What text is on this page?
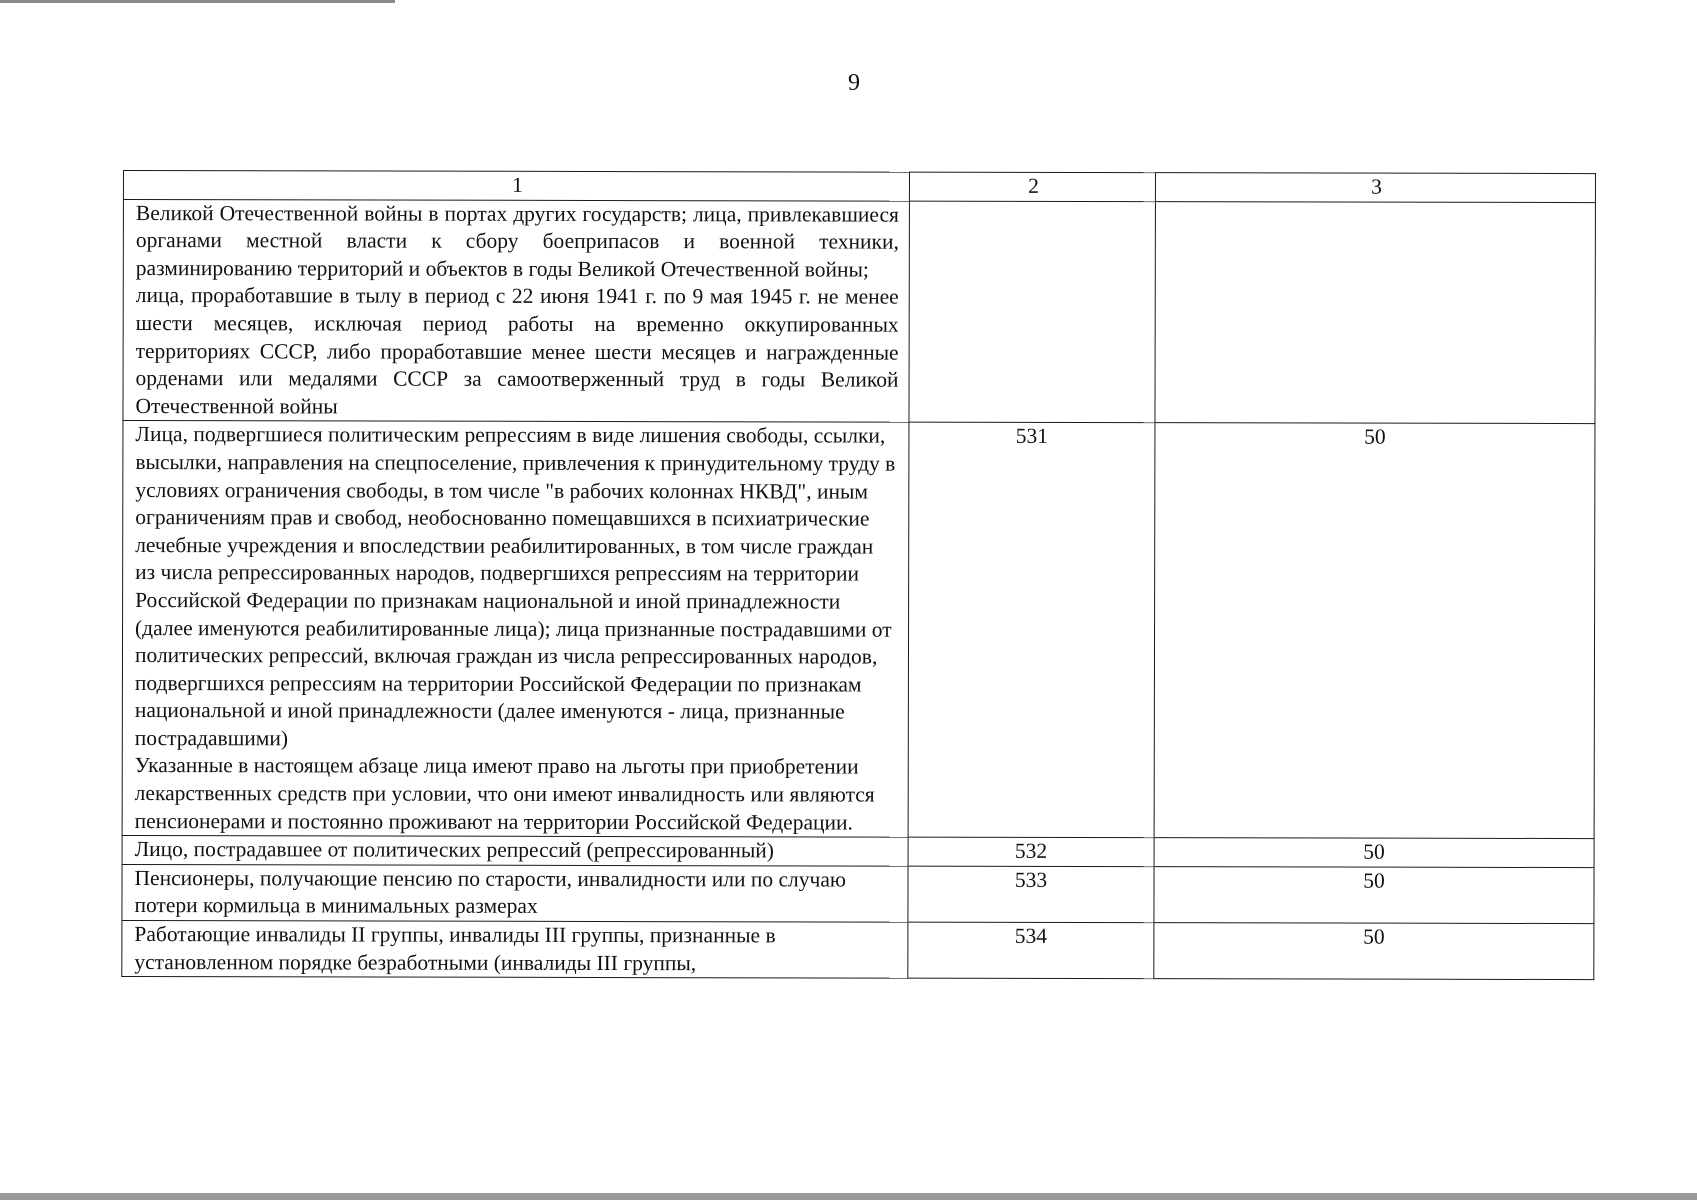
9
1	2	3

Великой Отечественной войны в портах других государств; лица, привлекавшиеся органами местной власти к сбору боеприпасов и военной техники, разминированию территорий и объектов в годы Великой Отечественной войны;
лица, проработавшие в тылу в период с 22 июня 1941 г. по 9 мая 1945 г. не менее шести месяцев, исключая период работы на временно оккупированных территориях СССР, либо проработавшие менее шести месяцев и награжденные орденами или медалями СССР за самоотверженный труд в годы Великой Отечественной войны		

Лица, подвергшиеся политическим репрессиям в виде лишения свободы, ссылки, высылки, направления на спецпоселение, привлечения к принудительному труду в условиях ограничения свободы, в том числе "в рабочих колоннах НКВД", иным ограничениям прав и свобод, необоснованно помещавшихся в психиатрические лечебные учреждения и впоследствии реабилитированных, в том числе граждан из числа репрессированных народов, подвергшихся репрессиям на территории Российской Федерации по признакам национальной и иной принадлежности (далее именуются реабилитированные лица); лица признанные пострадавшими от политических репрессий, включая граждан из числа репрессированных народов, подвергшихся репрессиям на территории Российской Федерации по признакам национальной и иной принадлежности (далее именуются - лица, признанные пострадавшими)
Указанные в настоящем абзаце лица имеют право на льготы при приобретении лекарственных средств при условии, что они имеют инвалидность или являются пенсионерами и постоянно проживают на территории Российской Федерации.	531	50

Лицо, пострадавшее от политических репрессий (репрессированный)	532	50

Пенсионеры, получающие пенсию по старости, инвалидности или по случаю потери кормильца в минимальных размерах	533	50

Работающие инвалиды II группы, инвалиды III группы, признанные в установленном порядке безработными (инвалиды III группы,	534	50
